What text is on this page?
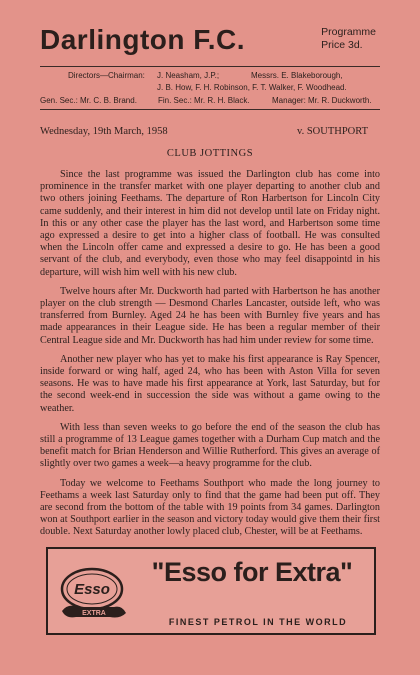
Darlington F.C.	Programme
Price 3d.
Directors—Chairman: J. Neasham, J.P.;	Messrs. E. Blakeborough,
J. B. How, F. H. Robinson, F. T. Walker, F. Woodhead.
Gen. Sec.: Mr. C. B. Brand.	Fin. Sec.: Mr. R. H. Black.	Manager: Mr. R. Duckworth.
Wednesday, 19th March, 1958	v. SOUTHPORT
CLUB JOTTINGS

Since the last programme was issued the Darlington club has come into prominence in the transfer market with one player departing to another club and two others joining Feethams. The departure of Ron Harbertson for Lincoln City came suddenly, and their interest in him did not develop until late on Friday night. In this or any other case the player has the last word, and Harbertson some time ago expressed a desire to get into a higher class of football. He was consulted when the Lincoln offer came and expressed a desire to go. He has been a good servant of the club, and everybody, even those who may feel disappointd in his departure, will wish him well with his new club.

Twelve hours after Mr. Duckworth had parted with Harbertson he has another player on the club strength — Desmond Charles Lancaster, outside left, who was transferred from Burnley. Aged 24 he has been with Burnley five years and has made appearances in their League side. He has been a regular member of their Central League side and Mr. Duckworth has had him under review for some time.

Another new player who has yet to make his first appearance is Ray Spencer, inside forward or wing half, aged 24, who has been with Aston Villa for seven seasons. He was to have made his first appearance at York, last Saturday, but for the second week-end in succession the side was without a game owing to the weather.

With less than seven weeks to go before the end of the season the club has still a programme of 13 League games together with a Durham Cup match and the benefit match for Brian Henderson and Willie Rutherford. This gives an average of slightly over two games a week—a heavy programme for the club.

Today we welcome to Feethams Southport who made the long journey to Feethams a week last Saturday only to find that the game had been put off. They are second from the bottom of the table with 19 points from 34 games. Darlington won at Southport earlier in the season and victory today would give them their first double. Next Saturday another lowly placed club, Chester, will be at Feethams.

Esso
EXTRA
"Esso for Extra"
FINEST PETROL IN THE WORLD
